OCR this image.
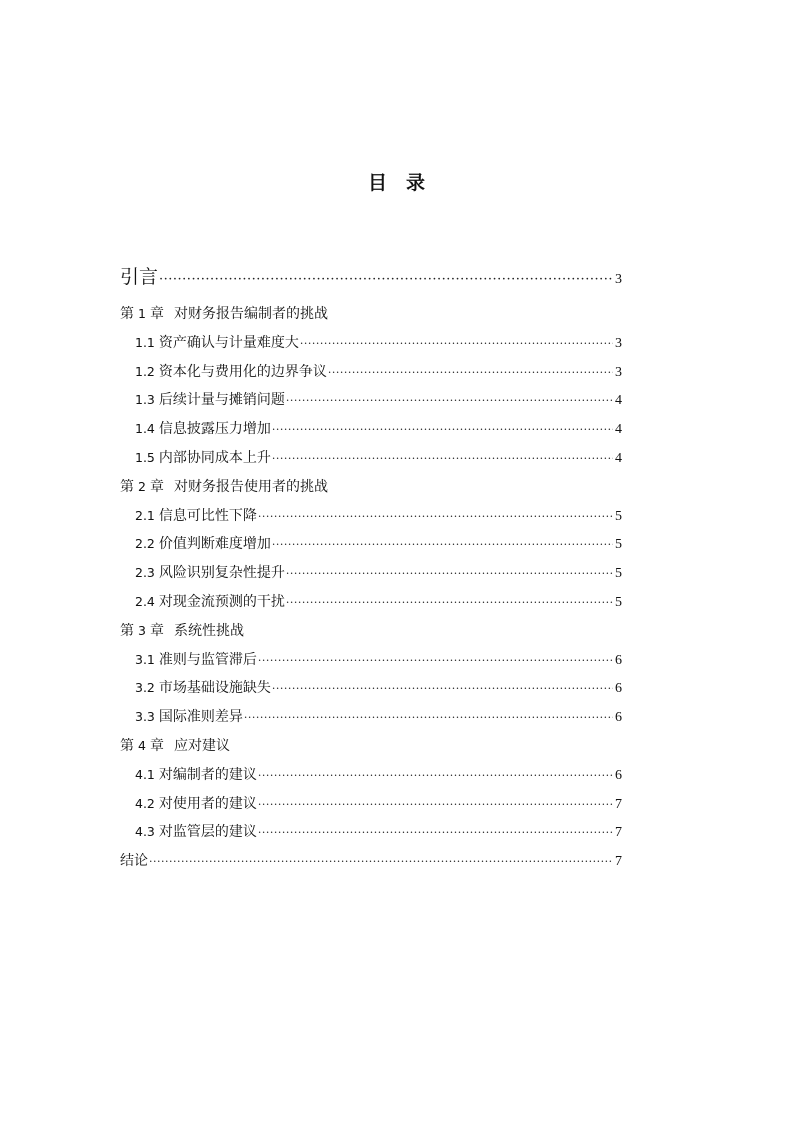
目　录
引言 ·····	3
第 1 章 对财务报告编制者的挑战
1.1 资产确认与计量难度大 ·····	3
1.2 资本化与费用化的边界争议 ·····	3
1.3 后续计量与摊销问题 ·····	4
1.4 信息披露压力增加 ·····	4
1.5 内部协同成本上升 ·····	4
第 2 章 对财务报告使用者的挑战
2.1 信息可比性下降 ·····	5
2.2 价值判断难度增加 ·····	5
2.3 风险识别复杂性提升 ·····	5
2.4 对现金流预测的干扰 ·····	5
第 3 章 系统性挑战
3.1 准则与监管滞后 ·····	6
3.2 市场基础设施缺失 ·····	6
3.3 国际准则差异 ·····	6
第 4 章 应对建议
4.1 对编制者的建议 ·····	6
4.2 对使用者的建议 ·····	7
4.3 对监管层的建议 ·····	7
结论 ·····	7
